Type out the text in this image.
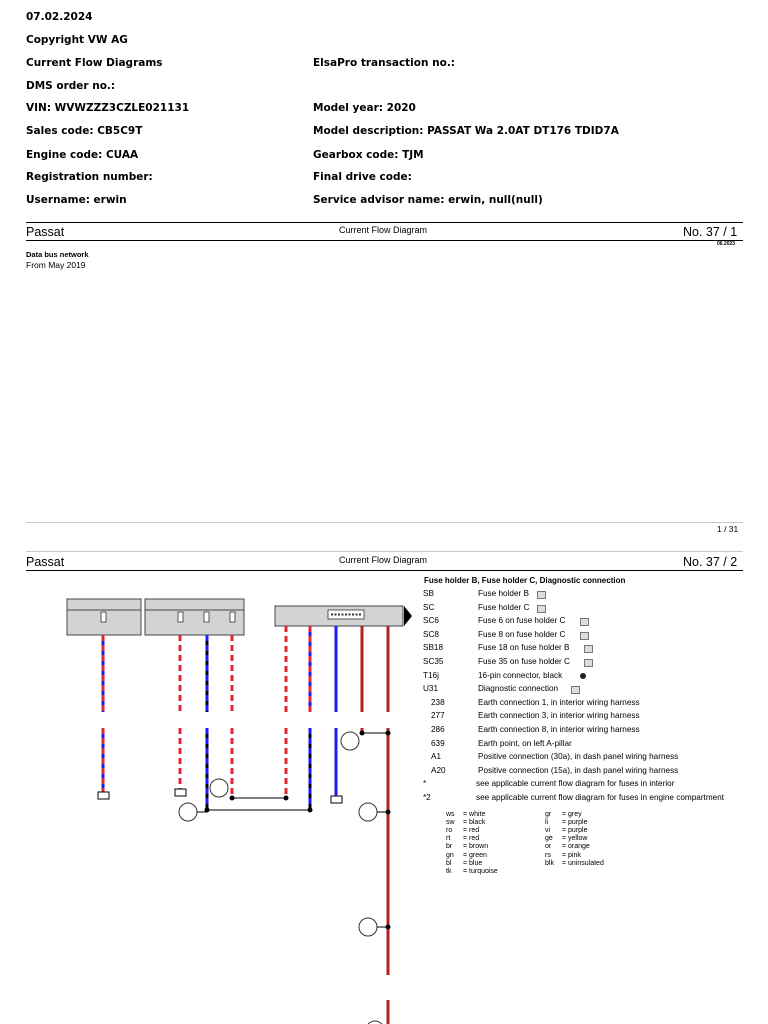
07.02.2024
Copyright VW AG
Current Flow Diagrams	ElsaPro transaction no.:
DMS order no.:
VIN: WVWZZZ3CZLE021131	Model year: 2020
Sales code: CB5C9T	Model description: PASSAT Wa 2.0AT DT176 TDID7A
Engine code: CUAA	Gearbox code: TJM
Registration number:	Final drive code:
Username: erwin	Service advisor name: erwin, null(null)
Passat	Current Flow Diagram	No. 37 / 1
06.2023
Data bus network
From May 2019
1 / 31
Passat	Current Flow Diagram	No. 37 / 2
Fuse holder B, Fuse holder C, Diagnostic connection
SB	Fuse holder B
SC	Fuse holder C
SC6	Fuse 6 on fuse holder C
SC8	Fuse 8 on fuse holder C
SB18	Fuse 18 on fuse holder B
SC35	Fuse 35 on fuse holder C
T16j	16-pin connector, black
U31	Diagnostic connection
238	Earth connection 1, in interior wiring harness
277	Earth connection 3, in interior wiring harness
286	Earth connection 8, in interior wiring harness
639	Earth point, on left A-pillar
A1	Positive connection (30a), in dash panel wiring harness
A20	Positive connection (15a), in dash panel wiring harness
*	see applicable current flow diagram for fuses in interior
*2	see applicable current flow diagram for fuses in engine compartment
ws = white
sw = black
ro = red
rt = red
br = brown
gn = green
bl = blue
tk = turquoise
gr = grey
li = purple
vi = purple
ge = yellow
or = orange
rs = pink
blk = uninsulated
